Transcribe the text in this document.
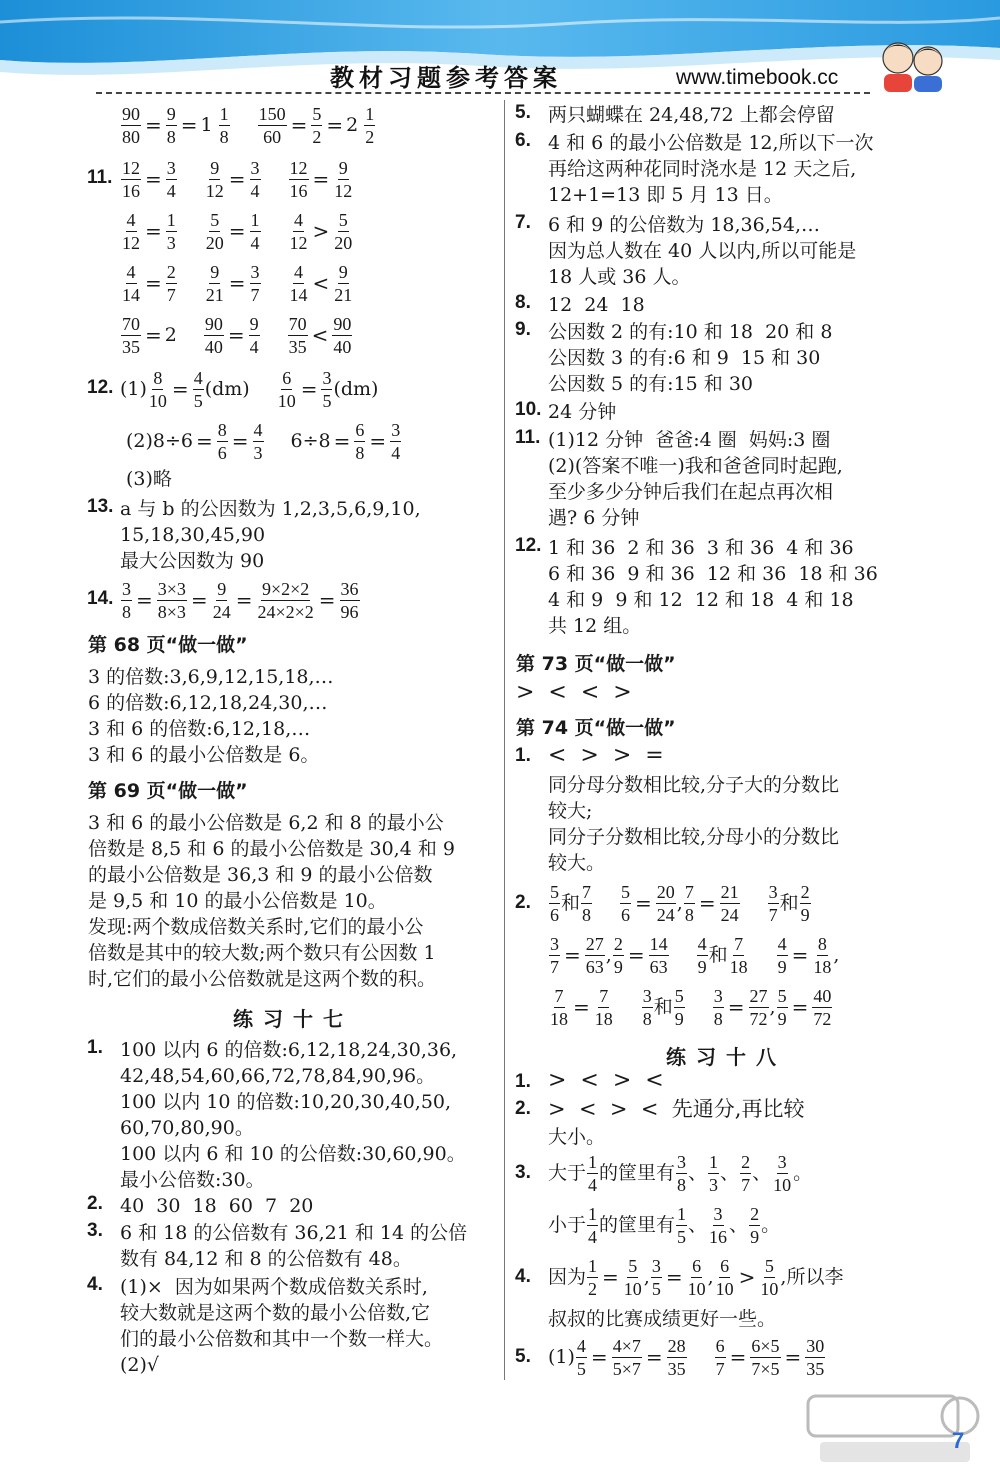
教材习题参考答案	www.timebook.cc
$\frac{90}{80} = \frac{9}{8} = 1$
1
$8 \frac{150}{60} = \frac{5}{2} = 2$
1
2
11. $\frac{12}{16} = \frac{3}{4} \frac{9}{12} = \frac{3}{4} \frac{12}{16} = \frac{9}{12}$
$\frac{4}{12} = \frac{1}{3} \frac{5}{20} = \frac{1}{4} 4$
12 > 5
20
$\frac{4}{14} = \frac{2}{7} \frac{9}{21} = \frac{3}{7} 4$
14 < 9
21
$\frac{70}{35} = 2 \frac{90}{40} = \frac{9}{4} 70$
35 < 90
40
12. $(1) \frac{8}{10} = \frac{4}{5} (dm) \frac{6}{10} = \frac{3}{5} (dm)$
$(2)8\div 6 = \frac{8}{6} = \frac{4}{3} 6\div 8 = \frac{6}{8} = \frac{3}{4}$
(3)略
13. a 与 b 的公因数为 1,2,3,5,6,9,10,
15,18,30,45,90
最大公因数为 90
14. $\frac{3}{8} = \frac{3\times 3}{8\times 3} = \frac{9}{24} = \frac{9\times 2\times 2}{24\times 2\times 2} = \frac{36}{96}$
第 68 页“做一做”
3 的倍数:3,6,9,12,15,18,…
6 的倍数:6,12,18,24,30,…
3 和 6 的倍数:6,12,18,…
3 和 6 的最小公倍数是 6。
第 69 页“做一做”
3 和 6 的最小公倍数是 6,2 和 8 的最小公
倍数是 8,5 和 6 的最小公倍数是 30,4 和 9
的最小公倍数是 36,3 和 9 的最小公倍数
是 9,5 和 10 的最小公倍数是 10。
发现:两个数成倍数关系时,它们的最小公
倍数是其中的较大数;两个数只有公因数 1
时,它们的最小公倍数就是这两个数的积。
练习十七
1. 100 以内 6 的倍数:6,12,18,24,30,36,
42,48,54,60,66,72,78,84,90,96。
100 以内 10 的倍数:10,20,30,40,50,
60,70,80,90。
100 以内 6 和 10 的公倍数:30,60,90。
最小公倍数:30。
2. 40  30  18  60  7  20
3. 6 和 18 的公倍数有 36,21 和 14 的公倍
数有 84,12 和 8 的公倍数有 48。
4. (1)×  因为如果两个数成倍数关系时,
较大数就是这两个数的最小公倍数,它
们的最小公倍数和其中一个数一样大。
(2)√
5. 两只蝴蝶在 24,48,72 上都会停留
6. 4 和 6 的最小公倍数是 12,所以下一次
再给这两种花同时浇水是 12 天之后,
12+1=13 即 5 月 13 日。
7. 6 和 9 的公倍数为 18,36,54,…
因为总人数在 40 人以内,所以可能是
18 人或 36 人。
8. 12  24  18
9. 公因数 2 的有:10 和 18  20 和 8
公因数 3 的有:6 和 9  15 和 30
公因数 5 的有:15 和 30
10. 24 分钟
11. (1)12 分钟  爸爸:4 圈  妈妈:3 圈
(2)(答案不唯一)我和爸爸同时起跑,
至少多少分钟后我们在起点再次相
遇? 6 分钟
12. 1 和 36  2 和 36  3 和 36  4 和 36
6 和 36  9 和 36  12 和 36  18 和 36
4 和 9  9 和 12  12 和 18  4 和 18
共 12 组。
第 73 页“做一做”
>  <  <  >
第 74 页“做一做”
1. <  >  >  =
同分母分数相比较,分子大的分数比
较大;
同分子分数相比较,分母小的分数比
较大。
2.
5
6
和
7
$8 \frac{5}{6} = \frac{20}{24}$ , $\frac{7}{8} = \frac{21}{24} 3$
7
和
2
9
$\frac{3}{7} = \frac{27}{63}$ , $\frac{2}{9} = \frac{14}{63} 4$
9
和
7
$18 \frac{4}{9} = \frac{8}{18}$ ,
$\frac{7}{18} = \frac{7}{18} 3$
8
和
5
$9 \frac{3}{8} = \frac{27}{72}$ , $\frac{5}{9} = \frac{40}{72}$
练习十八
1. >  <  >  <
2. >  <  >  <  先通分,再比较
大小。
3. 大于
1
4
的筐里有
3
8
、
1
3
、
2
7
、
3
10
。
小于
1
4
的筐里有
1
5
、
3
16
、
2
9
。
4. 因为 $\frac{1}{2} = \frac{5}{10}$ , $\frac{3}{5} = \frac{6}{10}$ ,
6
10 > 5
10
,所以李
叔叔的比赛成绩更好一些。
5. $(1) \frac{4}{5} = \frac{4\times 7}{5\times 7} = \frac{28}{35} \frac{6}{7} = \frac{6\times 5}{7\times 5} = \frac{30}{35}$
7
